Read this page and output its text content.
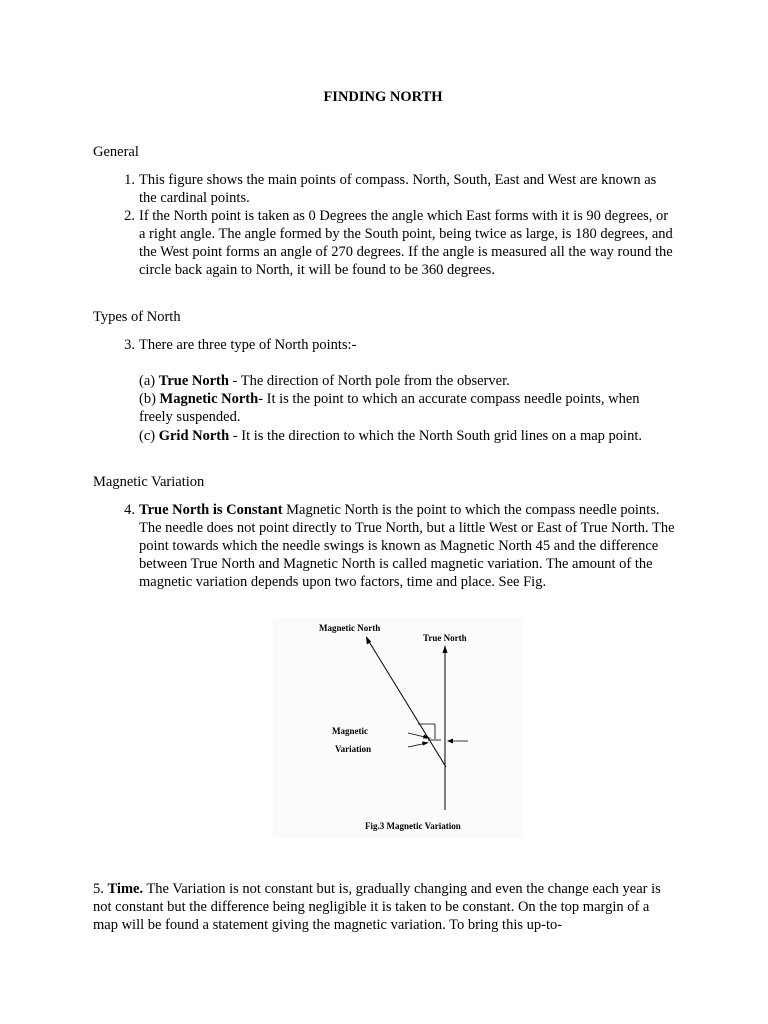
FINDING NORTH
General
1. This figure shows the main points of compass. North, South, East and West are known as the cardinal points.
2. If the North point is taken as 0 Degrees the angle which East forms with it is 90 degrees, or a right angle. The angle formed by the South point, being twice as large, is 180 degrees, and the West point forms an angle of 270 degrees. If the angle is measured all the way round the circle back again to North, it will be found to be 360 degrees.
Types of North
3. There are three type of North points:-
(a) True North - The direction of North pole from the observer.
(b) Magnetic North- It is the point to which an accurate compass needle points, when freely suspended.
(c) Grid North - It is the direction to which the North South grid lines on a map point.
Magnetic Variation
4. True North is Constant Magnetic North is the point to which the compass needle points. The needle does not point directly to True North, but a little West or East of True North. The point towards which the needle swings is known as Magnetic North 45 and the difference between True North and Magnetic North is called magnetic variation. The amount of the magnetic variation depends upon two factors, time and place. See Fig.
Magnetic North
True North
Magnetic
Variation
Fig.3 Magnetic Variation
5. Time. The Variation is not constant but is, gradually changing and even the change each year is not constant but the difference being negligible it is taken to be constant. On the top margin of a map will be found a statement giving the magnetic variation. To bring this up-to-
